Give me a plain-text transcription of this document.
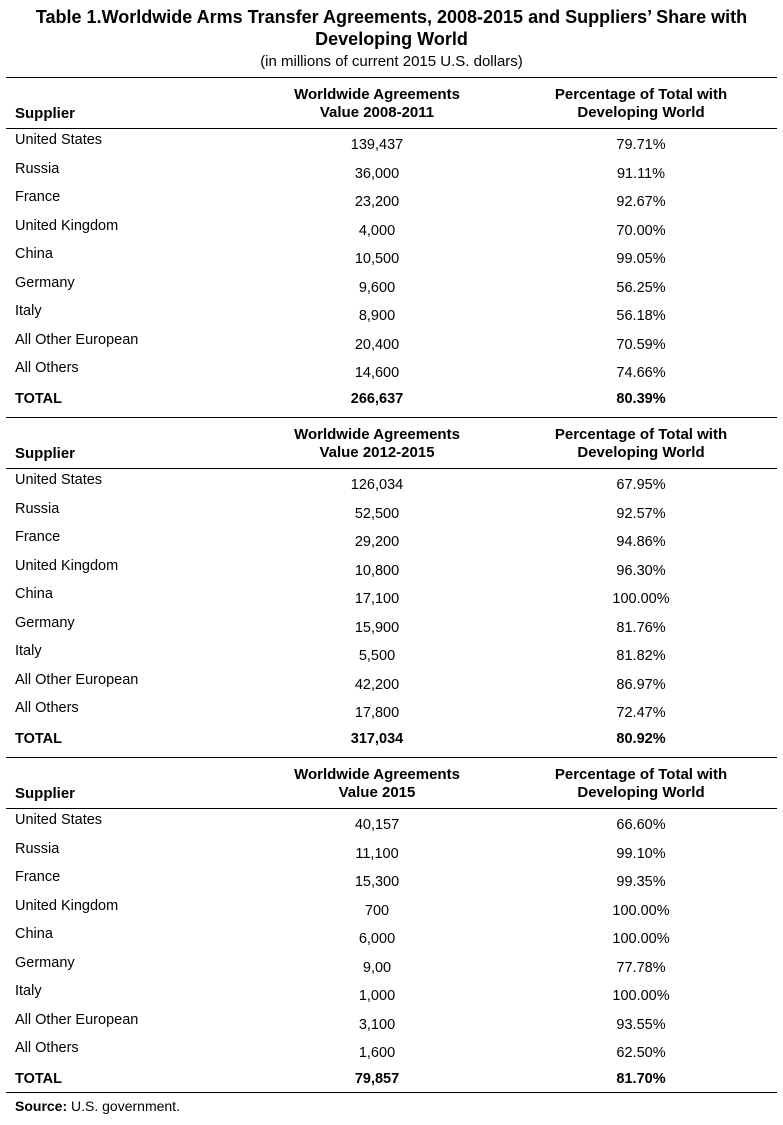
Table 1.Worldwide Arms Transfer Agreements, 2008-2015 and Suppliers’ Share with
Developing World
(in millions of current 2015 U.S. dollars)
Supplier
Worldwide Agreements
Value 2008-2011
Percentage of Total with
Developing World
United States	139,437	79.71%
Russia	36,000	91.11%
France	23,200	92.67%
United Kingdom	4,000	70.00%
China	10,500	99.05%
Germany	9,600	56.25%
Italy	8,900	56.18%
All Other European	20,400	70.59%
All Others	14,600	74.66%
TOTAL	266,637	80.39%
Supplier
Worldwide Agreements
Value 2012-2015
Percentage of Total with
Developing World
United States	126,034	67.95%
Russia	52,500	92.57%
France	29,200	94.86%
United Kingdom	10,800	96.30%
China	17,100	100.00%
Germany	15,900	81.76%
Italy	5,500	81.82%
All Other European	42,200	86.97%
All Others	17,800	72.47%
TOTAL	317,034	80.92%
Supplier
Worldwide Agreements
Value 2015
Percentage of Total with
Developing World
United States	40,157	66.60%
Russia	11,100	99.10%
France	15,300	99.35%
United Kingdom	700	100.00%
China	6,000	100.00%
Germany	9,00	77.78%
Italy	1,000	100.00%
All Other European	3,100	93.55%
All Others	1,600	62.50%
TOTAL	79,857	81.70%
Source: U.S. government.
